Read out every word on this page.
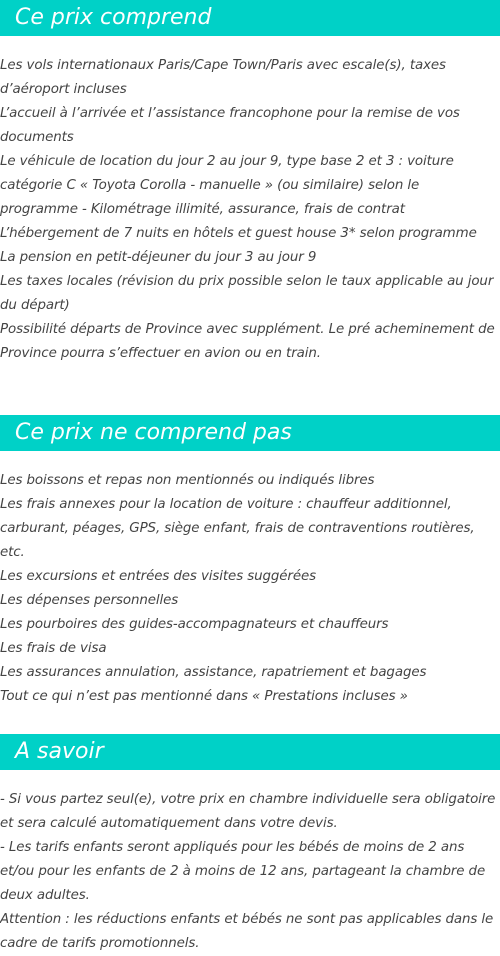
Ce prix comprend
Les vols internationaux Paris/Cape Town/Paris avec escale(s), taxes d’aéroport incluses
L’accueil à l’arrivée et l’assistance francophone pour la remise de vos documents
Le véhicule de location du jour 2 au jour 9, type base 2 et 3 : voiture catégorie C « Toyota Corolla - manuelle » (ou similaire) selon le programme - Kilométrage illimité, assurance, frais de contrat
L’hébergement de 7 nuits en hôtels et guest house 3* selon programme
La pension en petit-déjeuner du jour 3 au jour 9
Les taxes locales (révision du prix possible selon le taux applicable au jour du départ)
Possibilité départs de Province avec supplément. Le pré acheminement de Province pourra s’effectuer en avion ou en train.
Ce prix ne comprend pas
Les boissons et repas non mentionnés ou indiqués libres
Les frais annexes pour la location de voiture : chauffeur additionnel, carburant, péages, GPS, siège enfant, frais de contraventions routières, etc.
Les excursions et entrées des visites suggérées
Les dépenses personnelles
Les pourboires des guides-accompagnateurs et chauffeurs
Les frais de visa
Les assurances annulation, assistance, rapatriement et bagages
Tout ce qui n’est pas mentionné dans « Prestations incluses »
A savoir
- Si vous partez seul(e), votre prix en chambre individuelle sera obligatoire et sera calculé automatiquement dans votre devis.
- Les tarifs enfants seront appliqués pour les bébés de moins de 2 ans et/ou pour les enfants de 2 à moins de 12 ans, partageant la chambre de deux adultes.
Attention : les réductions enfants et bébés ne sont pas applicables dans le cadre de tarifs promotionnels.
